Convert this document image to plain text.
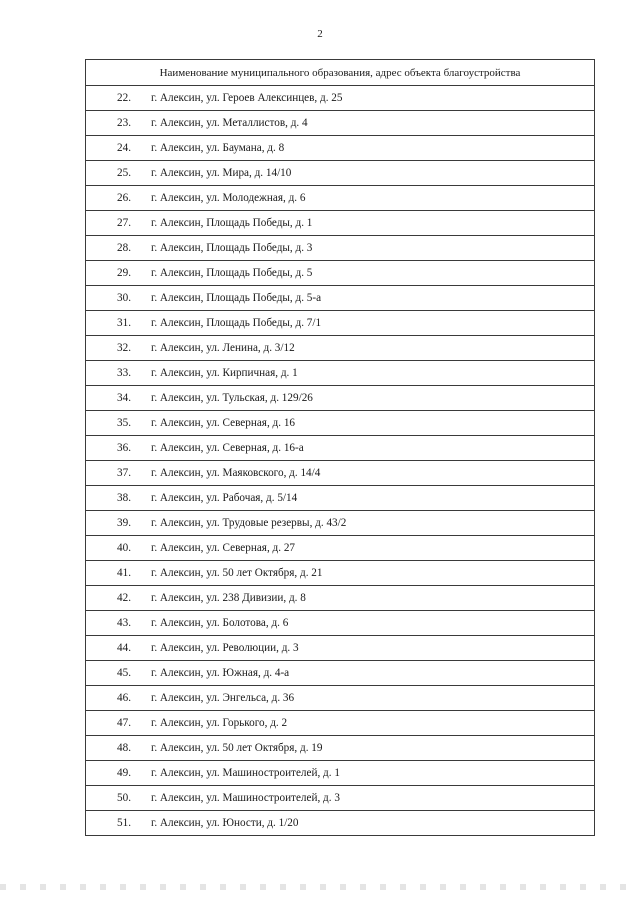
2
Наименование муниципального образования, адрес объекта благоустройства
22. г. Алексин, ул. Героев Алексинцев, д. 25
23. г. Алексин, ул. Металлистов, д. 4
24. г. Алексин, ул. Баумана, д. 8
25. г. Алексин, ул. Мира, д. 14/10
26. г. Алексин, ул. Молодежная, д. 6
27. г. Алексин, Площадь Победы, д. 1
28. г. Алексин, Площадь Победы, д. 3
29. г. Алексин, Площадь Победы, д. 5
30. г. Алексин, Площадь Победы, д. 5-а
31. г. Алексин, Площадь Победы, д. 7/1
32. г. Алексин, ул. Ленина, д. 3/12
33. г. Алексин, ул. Кирпичная, д. 1
34. г. Алексин, ул. Тульская, д. 129/26
35. г. Алексин, ул. Северная, д. 16
36. г. Алексин, ул. Северная, д. 16-а
37. г. Алексин, ул. Маяковского, д. 14/4
38. г. Алексин, ул. Рабочая, д. 5/14
39. г. Алексин, ул. Трудовые резервы, д. 43/2
40. г. Алексин, ул. Северная, д. 27
41. г. Алексин, ул. 50 лет Октября, д. 21
42. г. Алексин, ул. 238 Дивизии, д. 8
43. г. Алексин, ул. Болотова, д. 6
44. г. Алексин, ул. Революции, д. 3
45. г. Алексин, ул. Южная, д. 4-а
46. г. Алексин, ул. Энгельса, д. 36
47. г. Алексин, ул. Горького, д. 2
48. г. Алексин, ул. 50 лет Октября, д. 19
49. г. Алексин, ул. Машиностроителей, д. 1
50. г. Алексин, ул. Машиностроителей, д. 3
51. г. Алексин, ул. Юности, д. 1/20
